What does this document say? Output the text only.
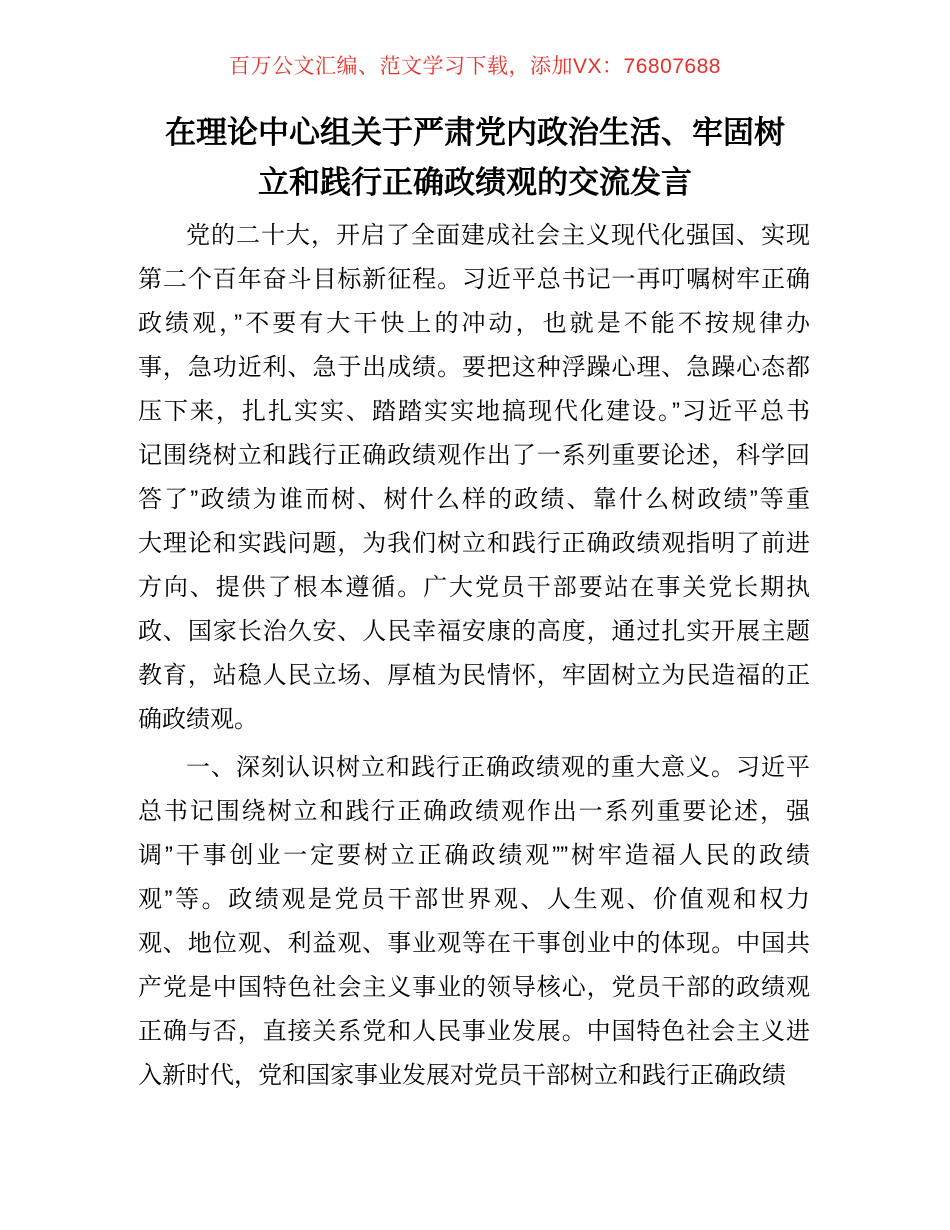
百万公文汇编、范文学习下载，添加VX：76807688
在理论中心组关于严肃党内政治生活、牢固树
立和践行正确政绩观的交流发言
党的二十大，开启了全面建成社会主义现代化强国、实现
第二个百年奋斗目标新征程。习近平总书记一再叮嘱树牢正确
政绩观，”不要有大干快上的冲动，也就是不能不按规律办
事，急功近利、急于出成绩。要把这种浮躁心理、急躁心态都
压下来，扎扎实实、踏踏实实地搞现代化建设。”习近平总书
记围绕树立和践行正确政绩观作出了一系列重要论述，科学回
答了”政绩为谁而树、树什么样的政绩、靠什么树政绩”等重
大理论和实践问题，为我们树立和践行正确政绩观指明了前进
方向、提供了根本遵循。广大党员干部要站在事关党长期执
政、国家长治久安、人民幸福安康的高度，通过扎实开展主题
教育，站稳人民立场、厚植为民情怀，牢固树立为民造福的正
确政绩观。
一、深刻认识树立和践行正确政绩观的重大意义。习近平
总书记围绕树立和践行正确政绩观作出一系列重要论述，强
调”干事创业一定要树立正确政绩观””树牢造福人民的政绩
观”等。政绩观是党员干部世界观、人生观、价值观和权力
观、地位观、利益观、事业观等在干事创业中的体现。中国共
产党是中国特色社会主义事业的领导核心，党员干部的政绩观
正确与否，直接关系党和人民事业发展。中国特色社会主义进
入新时代，党和国家事业发展对党员干部树立和践行正确政绩
